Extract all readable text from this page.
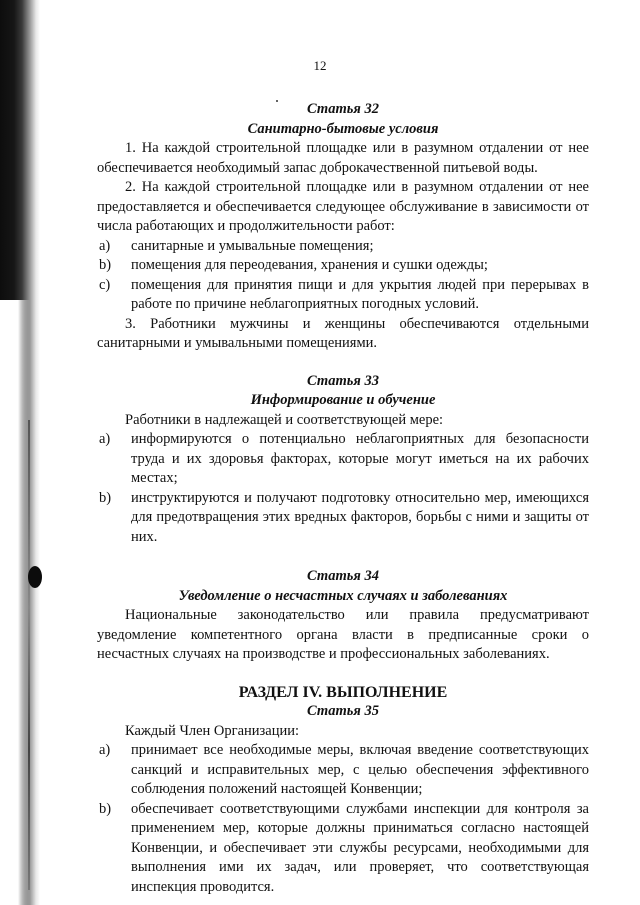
12

Статья 32

Санитарно-бытовые условия

1. На каждой строительной площадке или в разумном отдалении от нее обеспечивается необходимый запас доброкачественной питьевой воды.

2. На каждой строительной площадке или в разумном отдалении от нее предоставляется и обеспечивается следующее обслуживание в зависимости от числа работающих и продолжительности работ:

a)	санитарные и умывальные помещения;
b)	помещения для переодевания, хранения и сушки одежды;
c)	помещения для принятия пищи и для укрытия людей при перерывах в работе по причине неблагоприятных погодных условий.

3. Работники мужчины и женщины обеспечиваются отдельными санитарными и умывальными помещениями.

Статья 33

Информирование и обучение

Работники в надлежащей и соответствующей мере:

a)	информируются о потенциально неблагоприятных для безопасности труда и их здоровья факторах, которые могут иметься на их рабочих местах;
b)	инструктируются и получают подготовку относительно мер, имеющихся для предотвращения этих вредных факторов, борьбы с ними и защиты от них.

Статья 34

Уведомление о несчастных случаях и заболеваниях

Национальные законодательство или правила предусматривают уведомление компетентного органа власти в предписанные сроки о несчастных случаях на производстве и профессиональных заболеваниях.

РАЗДЕЛ IV. ВЫПОЛНЕНИЕ

Статья 35

Каждый Член Организации:

a)	принимает все необходимые меры, включая введение соответствующих санкций и исправительных мер, с целью обеспечения эффективного соблюдения положений настоящей Конвенции;
b)	обеспечивает соответствующими службами инспекции для контроля за применением мер, которые должны приниматься согласно настоящей Конвенции, и обеспечивает эти службы ресурсами, необходимыми для выполнения ими их задач, или проверяет, что соответствующая инспекция проводится.
